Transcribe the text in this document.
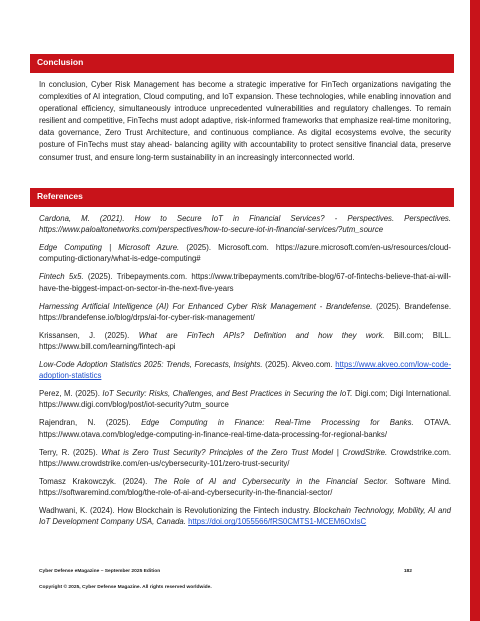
Conclusion

In conclusion, Cyber Risk Management has become a strategic imperative for FinTech organizations navigating the complexities of AI integration, Cloud computing, and IoT expansion. These technologies, while enabling innovation and operational efficiency, simultaneously introduce unprecedented vulnerabilities and regulatory challenges. To remain resilient and competitive, FinTechs must adopt adaptive, risk-informed frameworks that emphasize real-time monitoring, data governance, Zero Trust Architecture, and continuous compliance. As digital ecosystems evolve, the security posture of FinTechs must stay ahead- balancing agility with accountability to protect sensitive financial data, preserve consumer trust, and ensure long-term sustainability in an increasingly interconnected world.

References

Cardona, M. (2021). How to Secure IoT in Financial Services? - Perspectives. Perspectives. https://www.paloaltonetworks.com/perspectives/how-to-secure-iot-in-financial-services/?utm_source

Edge Computing | Microsoft Azure. (2025). Microsoft.com. https://azure.microsoft.com/en-us/resources/cloud-computing-dictionary/what-is-edge-computing#

Fintech 5x5. (2025). Tribepayments.com. https://www.tribepayments.com/tribe-blog/67-of-fintechs-believe-that-ai-will-have-the-biggest-impact-on-sector-in-the-next-five-years

Harnessing Artificial Intelligence (AI) For Enhanced Cyber Risk Management - Brandefense. (2025). Brandefense. https://brandefense.io/blog/drps/ai-for-cyber-risk-management/

Krissansen, J. (2025). What are FinTech APIs? Definition and how they work. Bill.com; BILL. https://www.bill.com/learning/fintech-api

Low-Code Adoption Statistics 2025: Trends, Forecasts, Insights. (2025). Akveo.com. https://www.akveo.com/low-code-adoption-statistics

Perez, M. (2025). IoT Security: Risks, Challenges, and Best Practices in Securing the IoT. Digi.com; Digi International. https://www.digi.com/blog/post/iot-security?utm_source

Rajendran, N. (2025). Edge Computing in Finance: Real-Time Processing for Banks. OTAVA. https://www.otava.com/blog/edge-computing-in-finance-real-time-data-processing-for-regional-banks/

Terry, R. (2025). What is Zero Trust Security? Principles of the Zero Trust Model | CrowdStrike. Crowdstrike.com. https://www.crowdstrike.com/en-us/cybersecurity-101/zero-trust-security/

Tomasz Krakowczyk. (2024). The Role of AI and Cybersecurity in the Financial Sector. Software Mind. https://softwaremind.com/blog/the-role-of-ai-and-cybersecurity-in-the-financial-sector/

Wadhwani, K. (2024). How Blockchain is Revolutionizing the Fintech industry. Blockchain Technology, Mobility, AI and IoT Development Company USA, Canada. https://doi.org/1055566/fRS0CMTS1-MCEM6OxIsC

Cyber Defense eMagazine – September 2025 Edition	182
Copyright © 2025, Cyber Defense Magazine. All rights reserved worldwide.
